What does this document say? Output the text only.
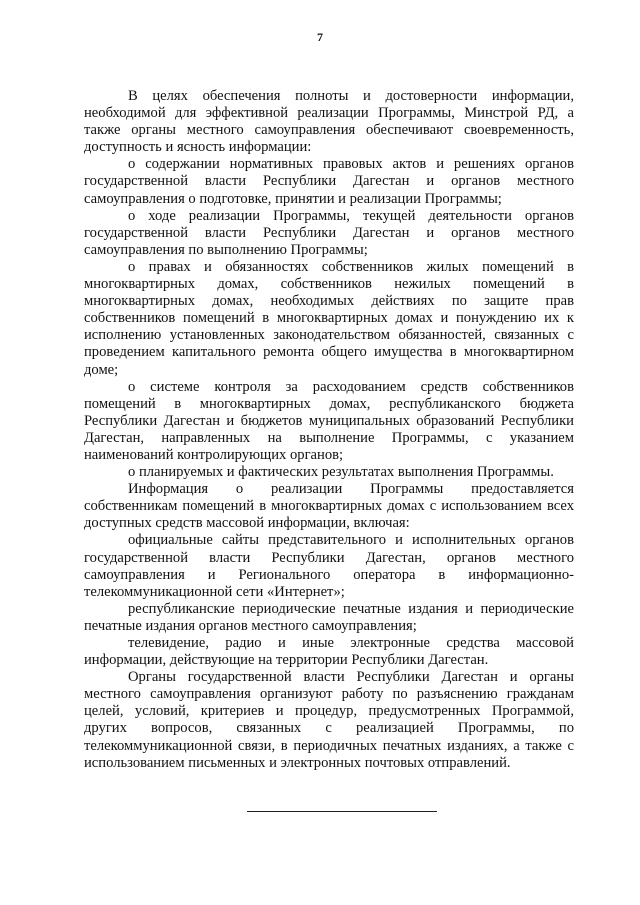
7

В целях обеспечения полноты и достоверности информации, необходимой для эффективной реализации Программы, Минстрой РД, а также органы местного самоуправления обеспечивают своевременность, доступность и ясность информации:

о содержании нормативных правовых актов и решениях органов государственной власти Республики Дагестан и органов местного самоуправления о подготовке, принятии и реализации Программы;

о ходе реализации Программы, текущей деятельности органов государственной власти Республики Дагестан и органов местного самоуправления по выполнению Программы;

о правах и обязанностях собственников жилых помещений в многоквартирных домах, собственников нежилых помещений в многоквартирных домах, необходимых действиях по защите прав собственников помещений в многоквартирных домах и понуждению их к исполнению установленных законодательством обязанностей, связанных с проведением капитального ремонта общего имущества в многоквартирном доме;

о системе контроля за расходованием средств собственников помещений в многоквартирных домах, республиканского бюджета Республики Дагестан и бюджетов муниципальных образований Республики Дагестан, направленных на выполнение Программы, с указанием наименований контролирующих органов;

о планируемых и фактических результатах выполнения Программы.

Информация о реализации Программы предоставляется собственникам помещений в многоквартирных домах с использованием всех доступных средств массовой информации, включая:

официальные сайты представительного и исполнительных органов государственной власти Республики Дагестан, органов местного самоуправления и Регионального оператора в информационно-телекоммуникационной сети «Интернет»;

республиканские периодические печатные издания и периодические печатные издания органов местного самоуправления;

телевидение, радио и иные электронные средства массовой информации, действующие на территории Республики Дагестан.

Органы государственной власти Республики Дагестан и органы местного самоуправления организуют работу по разъяснению гражданам целей, условий, критериев и процедур, предусмотренных Программой, других вопросов, связанных с реализацией Программы, по телекоммуникационной связи, в периодичных печатных изданиях, а также с использованием письменных и электронных почтовых отправлений.
